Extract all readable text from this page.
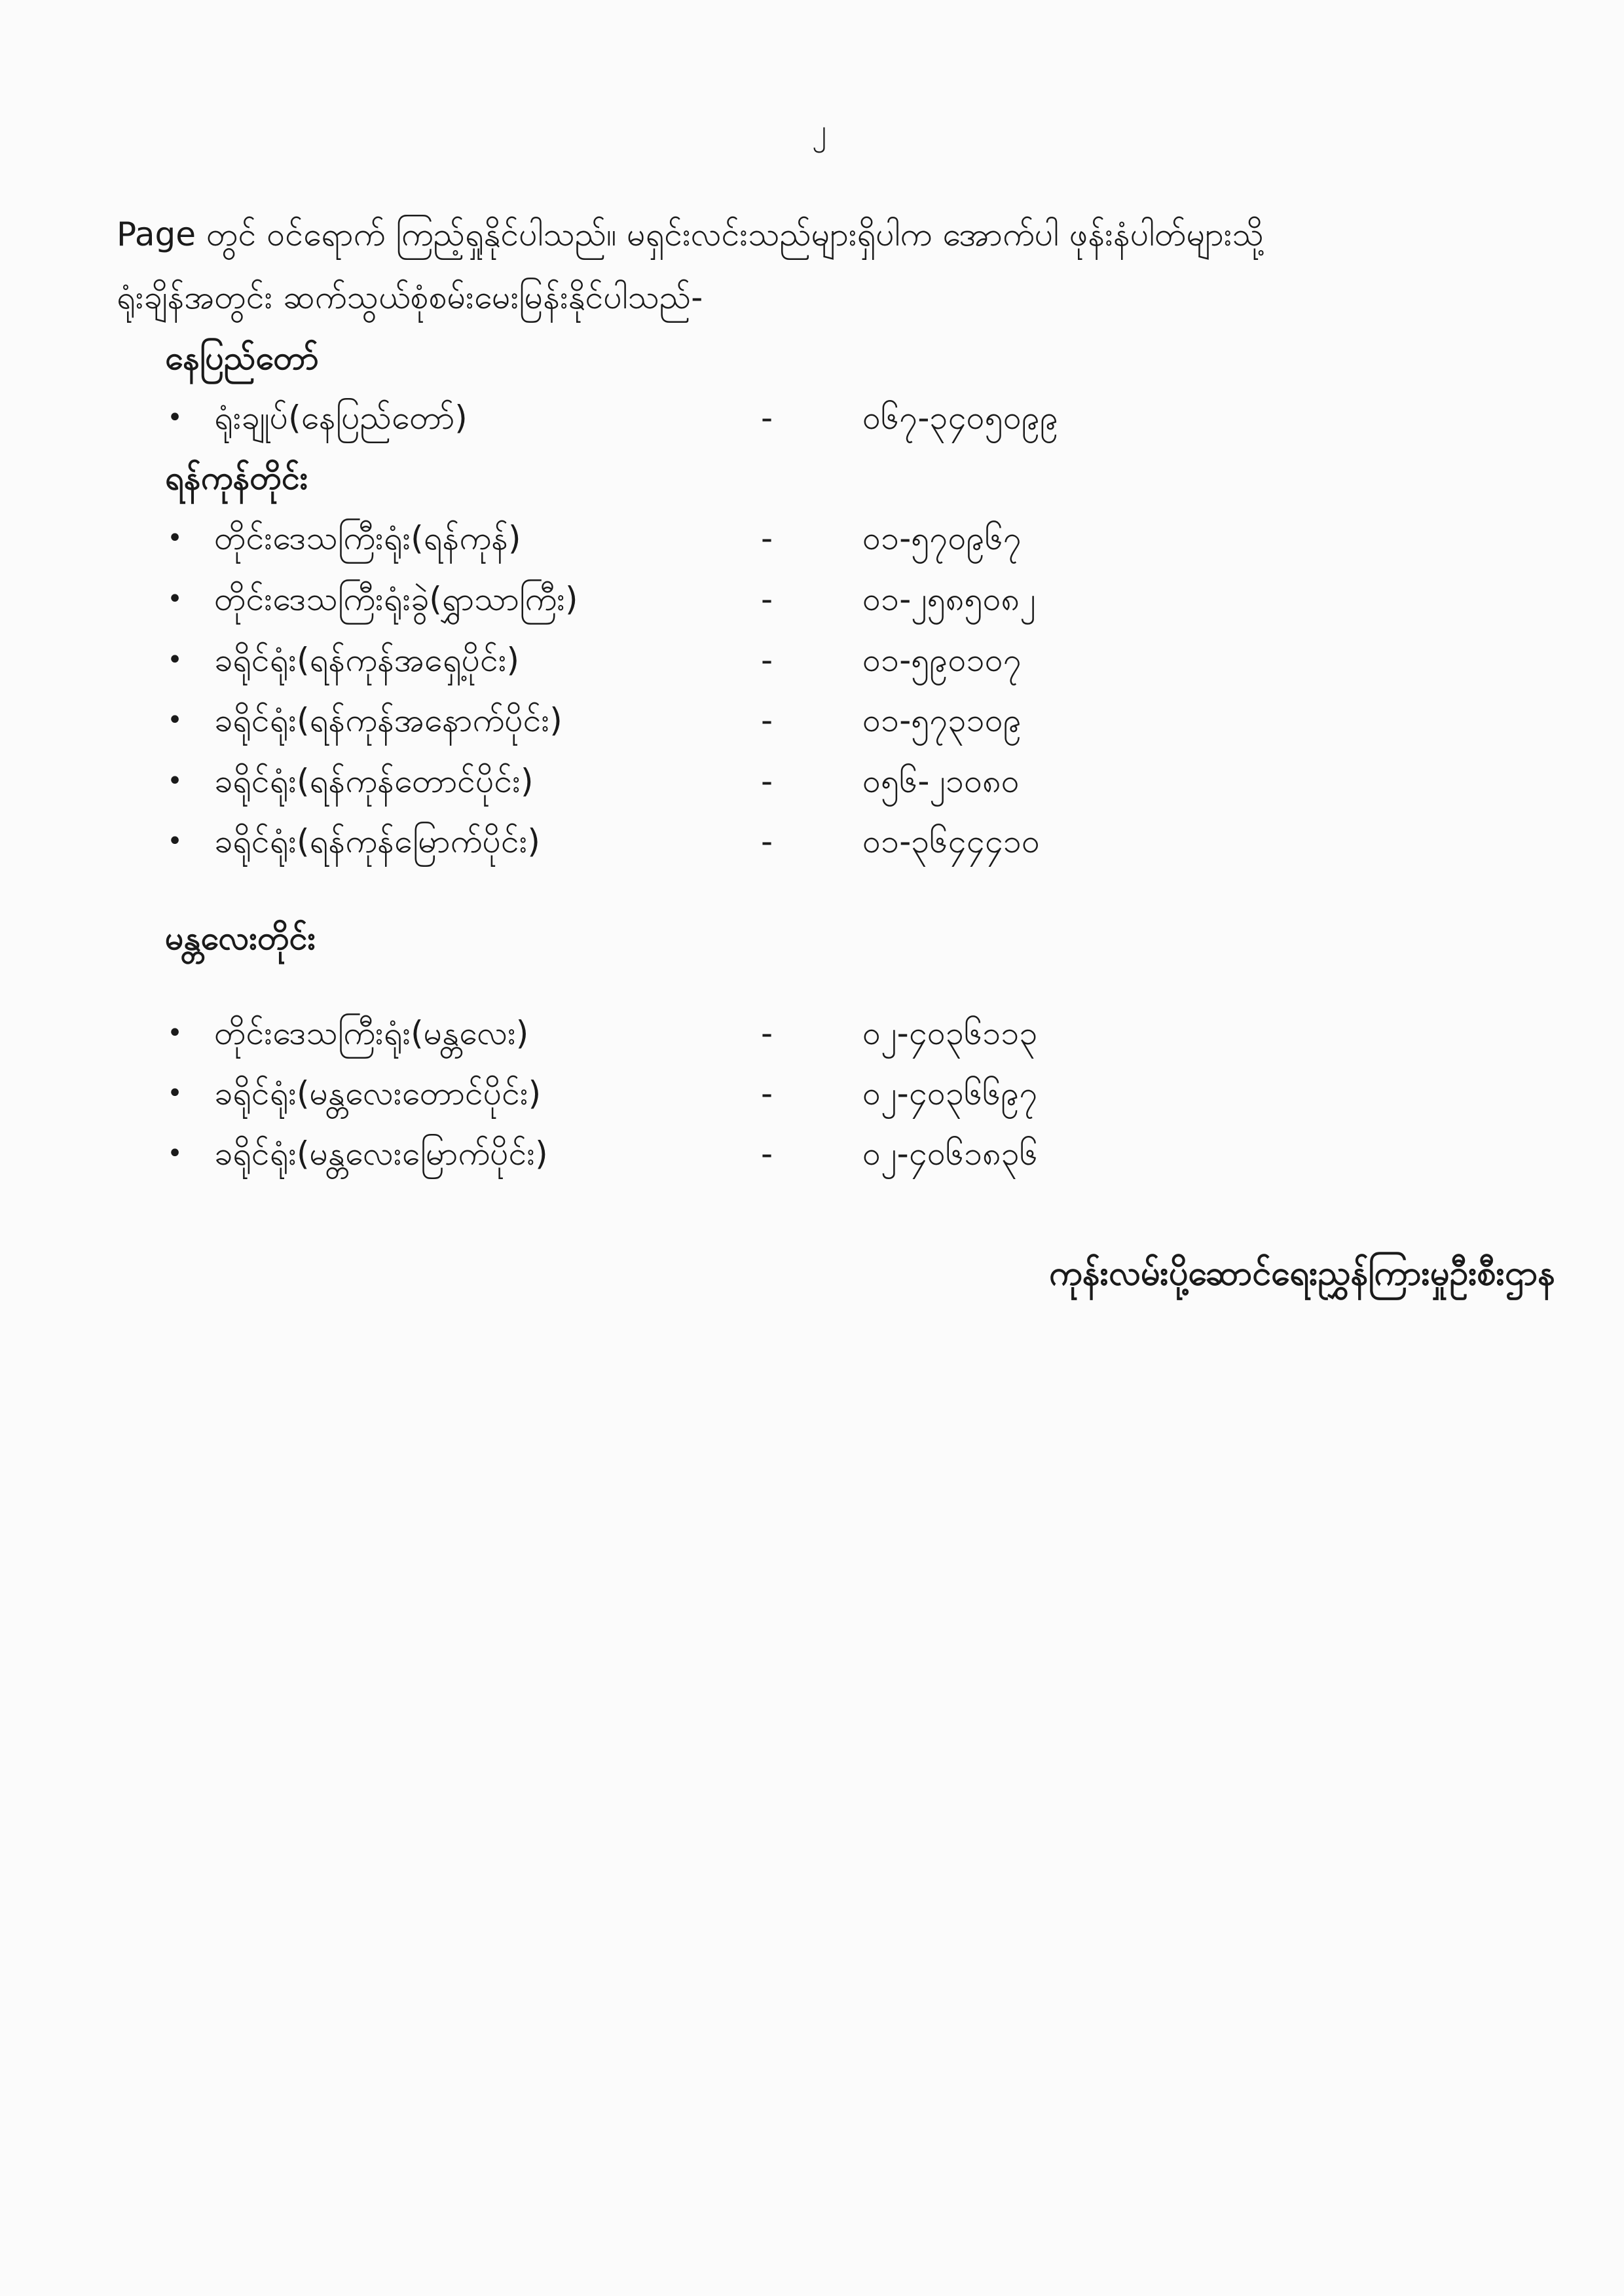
၂
Page တွင် ဝင်ရောက် ကြည့်ရှုနိုင်ပါသည်။ မရှင်းလင်းသည်များရှိပါက အောက်ပါ ဖုန်းနံပါတ်များသို့
ရုံးချိန်အတွင်း ဆက်သွယ်စုံစမ်းမေးမြန်းနိုင်ပါသည်-
နေပြည်တော်
• ရုံးချုပ်(နေပြည်တော်)	-	၀၆၇-၃၄၀၅၀၉၉
ရန်ကုန်တိုင်း
• တိုင်းဒေသကြီးရုံး(ရန်ကုန်)	-	၀၁-၅၇၀၉၆၇
• တိုင်းဒေသကြီးရုံးခွဲ(ရွှာသာကြီး)	-	၀၁-၂၅၈၅၀၈၂
• ခရိုင်ရုံး(ရန်ကုန်အရှေ့ပိုင်း)	-	၀၁-၅၉၀၁၀၇
• ခရိုင်ရုံး(ရန်ကုန်အနောက်ပိုင်း)	-	၀၁-၅၇၃၁၀၉
• ခရိုင်ရုံး(ရန်ကုန်တောင်ပိုင်း)	-	၀၅၆-၂၁၀၈၀
• ခရိုင်ရုံး(ရန်ကုန်မြောက်ပိုင်း)	-	၀၁-၃၆၄၄၄၁၀
မန္တလေးတိုင်း
• တိုင်းဒေသကြီးရုံး(မန္တလေး)	-	၀၂-၄၀၃၆၁၁၃
• ခရိုင်ရုံး(မန္တလေးတောင်ပိုင်း)	-	၀၂-၄၀၃၆၆၉၇
• ခရိုင်ရုံး(မန္တလေးမြောက်ပိုင်း)	-	၀၂-၄၀၆၁၈၃၆
ကုန်းလမ်းပို့ဆောင်ရေးညွှန်ကြားမှုဦးစီးဌာန
